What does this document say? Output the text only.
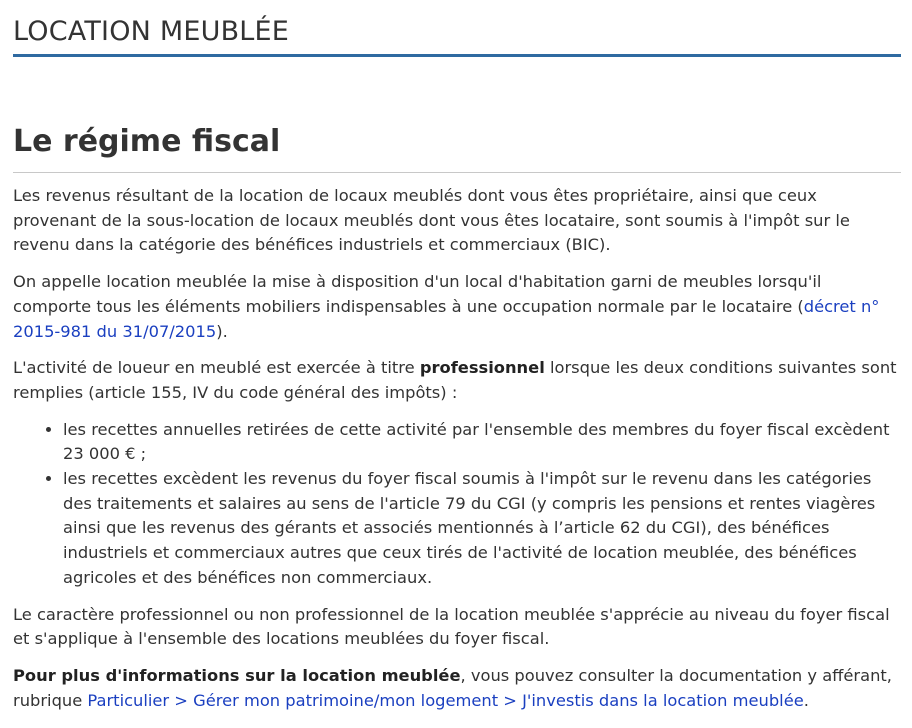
LOCATION MEUBLÉE
Le régime fiscal

Les revenus résultant de la location de locaux meublés dont vous êtes propriétaire, ainsi que ceux provenant de la sous-location de locaux meublés dont vous êtes locataire, sont soumis à l'impôt sur le revenu dans la catégorie des bénéfices industriels et commerciaux (BIC).

On appelle location meublée la mise à disposition d'un local d'habitation garni de meubles lorsqu'il comporte tous les éléments mobiliers indispensables à une occupation normale par le locataire (décret n° 2015-981 du 31/07/2015).

L'activité de loueur en meublé est exercée à titre professionnel lorsque les deux conditions suivantes sont remplies (article 155, IV du code général des impôts) :

• les recettes annuelles retirées de cette activité par l'ensemble des membres du foyer fiscal excèdent 23 000 € ;
• les recettes excèdent les revenus du foyer fiscal soumis à l'impôt sur le revenu dans les catégories des traitements et salaires au sens de l'article 79 du CGI (y compris les pensions et rentes viagères ainsi que les revenus des gérants et associés mentionnés à l’article 62 du CGI), des bénéfices industriels et commerciaux autres que ceux tirés de l'activité de location meublée, des bénéfices agricoles et des bénéfices non commerciaux.

Le caractère professionnel ou non professionnel de la location meublée s'apprécie au niveau du foyer fiscal et s'applique à l'ensemble des locations meublées du foyer fiscal.

Pour plus d'informations sur la location meublée, vous pouvez consulter la documentation y afférant, rubrique Particulier > Gérer mon patrimoine/mon logement > J'investis dans la location meublée.
